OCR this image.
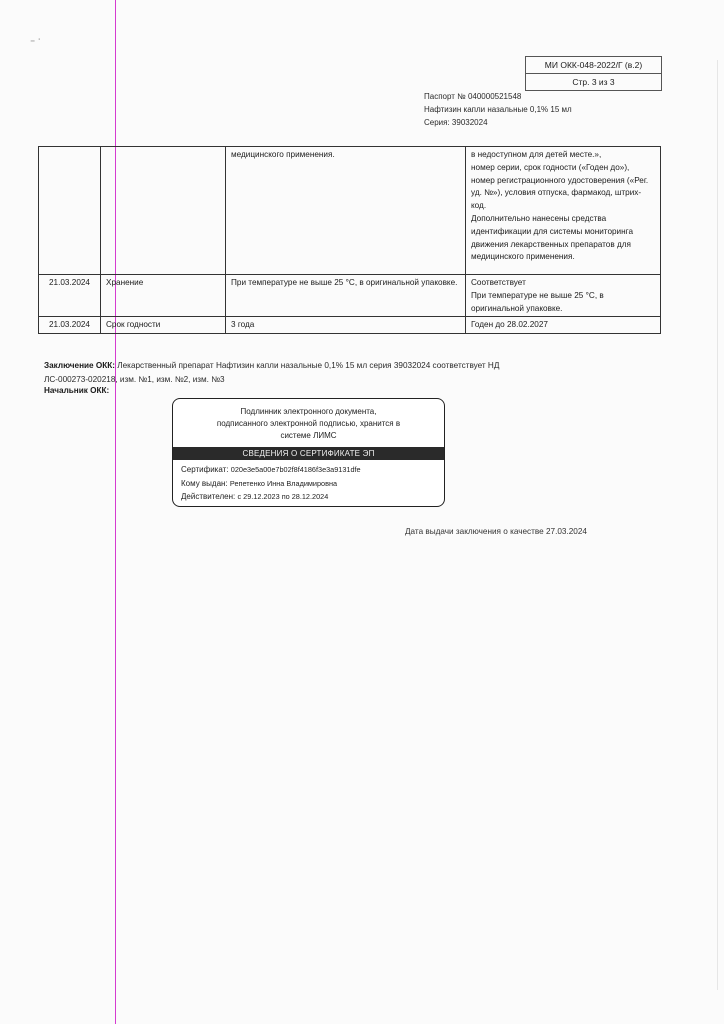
⁻ ˙
МИ ОКК-048-2022/Г (в.2)
Стр. 3 из 3
Паспорт № 040000521548
Нафтизин капли назальные 0,1% 15 мл
Серия: 39032024
		медицинского применения.	в недоступном для детей месте.»,
номер серии, срок годности («Годен до»), номер регистрационного удостоверения («Рег. уд. №»), условия отпуска, фармакод, штрих-код.
Дополнительно нанесены средства идентификации для системы мониторинга движения лекарственных препаратов для медицинского применения.
21.03.2024	Хранение	При температуре не выше 25 °С, в оригинальной упаковке.	Соответствует
При температуре не выше 25 °С, в оригинальной упаковке.
21.03.2024	Срок годности	3 года	Годен до 28.02.2027
Заключение ОКК: Лекарственный препарат Нафтизин капли назальные 0,1% 15 мл серия 39032024 соответствует НД ЛС-000273-020218, изм. №1, изм. №2, изм. №3
Начальник ОКК:
Подлинник электронного документа,
подписанного электронной подписью, хранится в
системе ЛИМС
СВЕДЕНИЯ О СЕРТИФИКАТЕ ЭП
Сертификат: 020e3e5a00e7b02f8f4186f3e3a9131dfe
Кому выдан: Репетенко Инна Владимировна
Действителен: с 29.12.2023 по 28.12.2024
Дата выдачи заключения о качестве 27.03.2024
